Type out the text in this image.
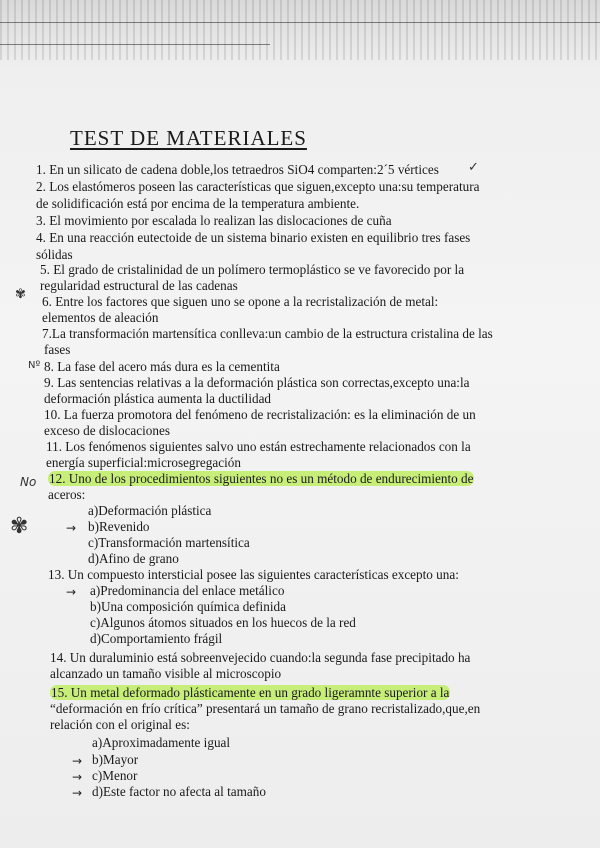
TEST DE MATERIALES
1. En un silicato de cadena doble,los tetraedros SiO4 comparten:2´5 vértices
2. Los elastómeros poseen las características que siguen,excepto una:su temperatura
de solidificación está por encima de la temperatura ambiente.
3. El movimiento por escalada lo realizan las dislocaciones de cuña
4. En una reacción eutectoide de un sistema binario existen en equilibrio tres fases
sólidas
5. El grado de cristalinidad de un polímero termoplástico se ve favorecido por la
regularidad estructural de las cadenas
6. Entre los factores que siguen uno se opone a la recristalización de metal:
elementos de aleación
7.La transformación martensítica conlleva:un cambio de la estructura cristalina de las
fases
8. La fase del acero más dura es la cementita
9. Las sentencias relativas a la deformación plástica son correctas,excepto una:la
deformación plástica aumenta la ductilidad
10. La fuerza promotora del fenómeno de recristalización: es la eliminación de un
exceso de dislocaciones
11. Los fenómenos siguientes salvo uno están estrechamente relacionados con la
energía superficial:microsegregación
12. Uno de los procedimientos siguientes no es un método de endurecimiento de
aceros:
a)Deformación plástica
b)Revenido
c)Transformación martensítica
d)Afino de grano
13. Un compuesto intersticial posee las siguientes características excepto una:
a)Predominancia del enlace metálico
b)Una composición química definida
c)Algunos átomos situados en los huecos de la red
d)Comportamiento frágil
14. Un duraluminio está sobreenvejecido cuando:la segunda fase precipitado ha
alcanzado un tamaño visible al microscopio
15. Un metal deformado plásticamente en un grado ligeramnte superior a la
“deformación en frío crítica” presentará un tamaño de grano recristalizado,que,en
relación con el original es:
a)Aproximadamente igual
b)Mayor
c)Menor
d)Este factor no afecta al tamaño
✓
Nº
No
✾
✾	→
→
→
→
→
